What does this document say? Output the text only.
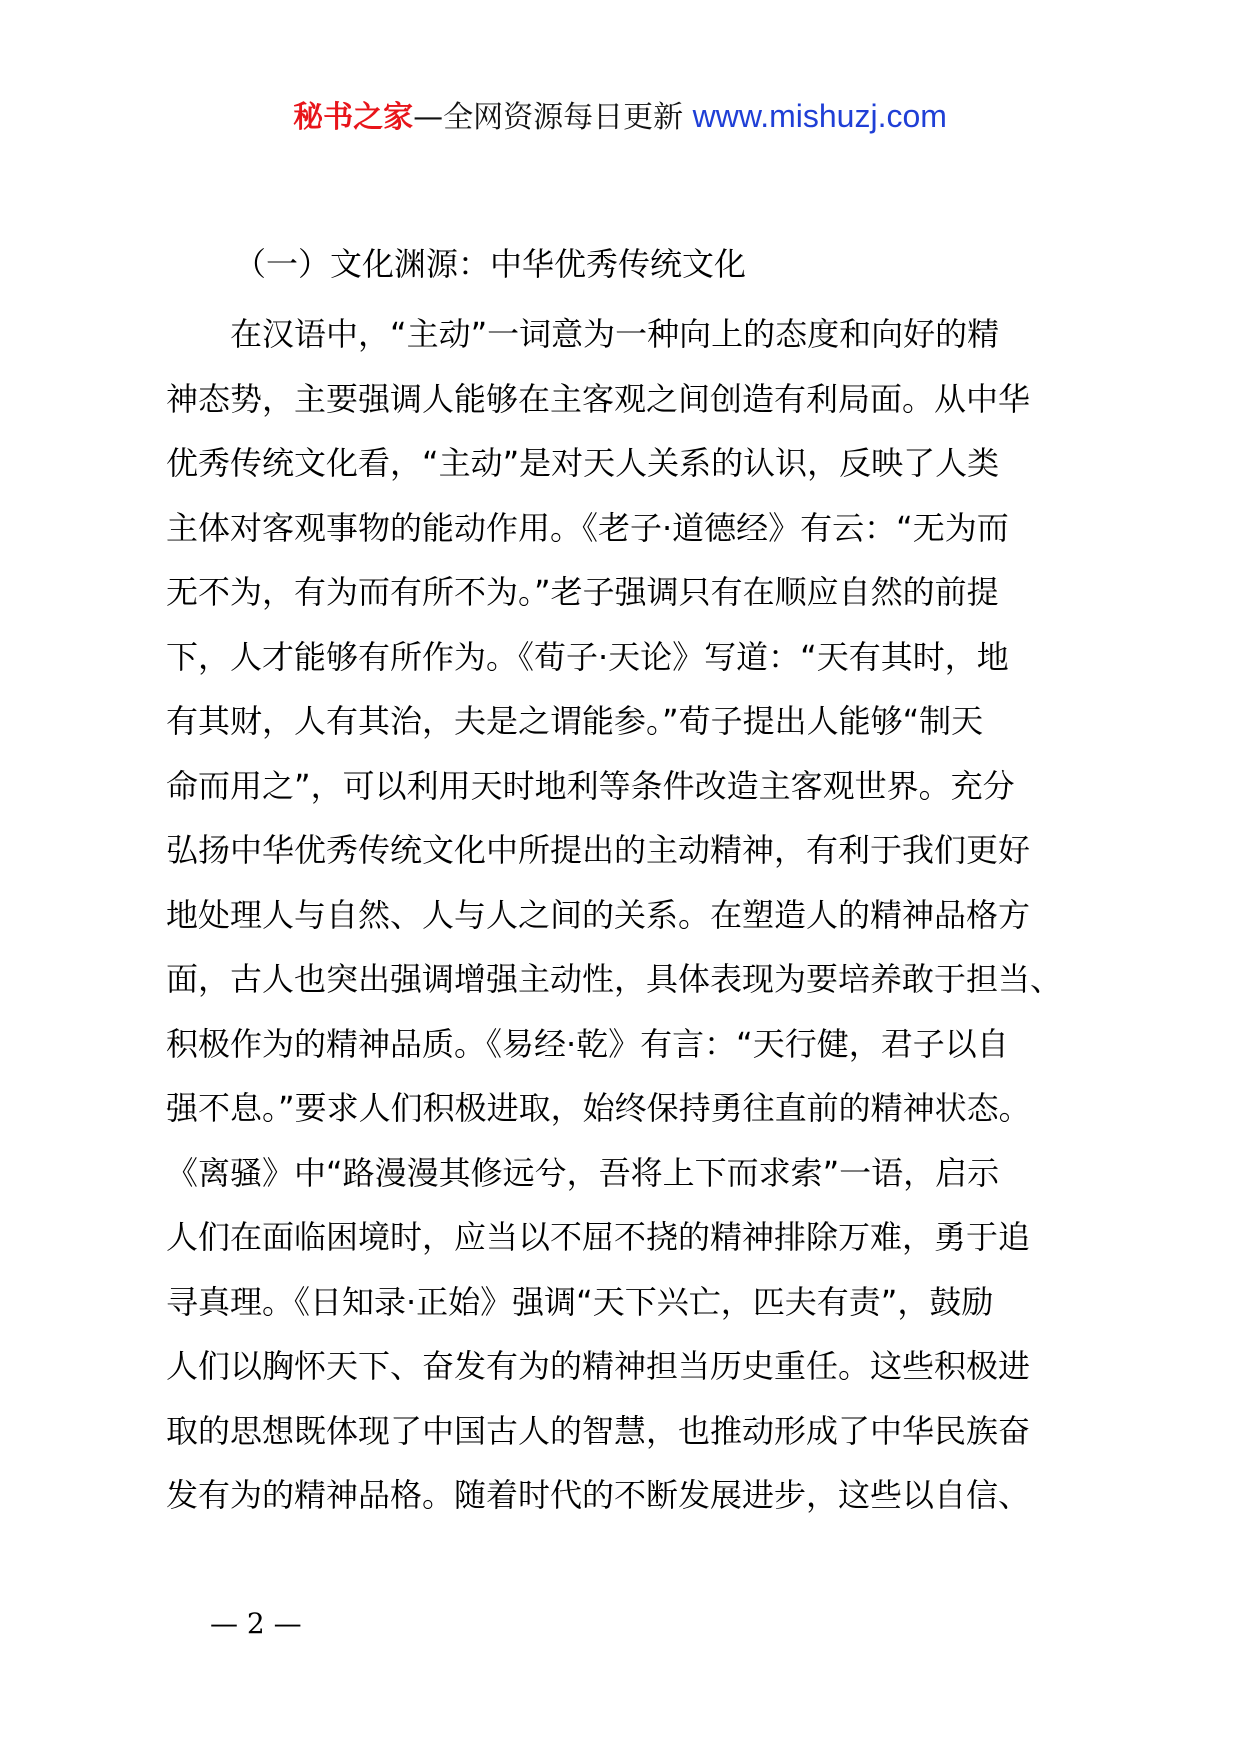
秘书之家—全网资源每日更新 www.mishuzj.com
（一）文化渊源：中华优秀传统文化
在汉语中，“主动”一词意为一种向上的态度和向好的精
神态势，主要强调人能够在主客观之间创造有利局面。从中华
优秀传统文化看，“主动”是对天人关系的认识，反映了人类
主体对客观事物的能动作用。《老子·道德经》有云：“无为而
无不为，有为而有所不为。”老子强调只有在顺应自然的前提
下，人才能够有所作为。《荀子·天论》写道：“天有其时，地
有其财，人有其治，夫是之谓能参。”荀子提出人能够“制天
命而用之”，可以利用天时地利等条件改造主客观世界。充分
弘扬中华优秀传统文化中所提出的主动精神，有利于我们更好
地处理人与自然、人与人之间的关系。在塑造人的精神品格方
面，古人也突出强调增强主动性，具体表现为要培养敢于担当、
积极作为的精神品质。《易经·乾》有言：“天行健，君子以自
强不息。”要求人们积极进取，始终保持勇往直前的精神状态。
《离骚》中“路漫漫其修远兮，吾将上下而求索”一语，启示
人们在面临困境时，应当以不屈不挠的精神排除万难，勇于追
寻真理。《日知录·正始》强调“天下兴亡，匹夫有责”，鼓励
人们以胸怀天下、奋发有为的精神担当历史重任。这些积极进
取的思想既体现了中国古人的智慧，也推动形成了中华民族奋
发有为的精神品格。随着时代的不断发展进步，这些以自信、
— 2 —
